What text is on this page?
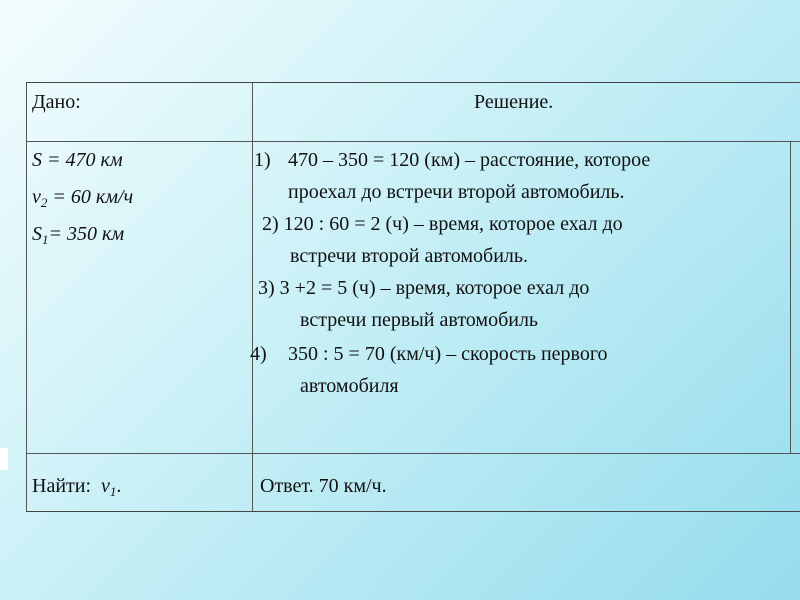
Дано:	Решение.
S = 470 км
$v_2 = 60$ км/ч
$S_1= 350$ км
1) 470 – 350 = 120 (км) – расстояние, которое
проехал до встречи второй автомобиль.
2) 120 : 60 = 2 (ч) – время, которое ехал до
встречи второй автомобиль.
3) 3 +2 = 5 (ч) – время, которое ехал до
встречи первый автомобиль
4) 350 : 5 = 70 (км/ч) – скорость первого
автомобиля
Найти: $v_1$.	Ответ. 70 км/ч.
